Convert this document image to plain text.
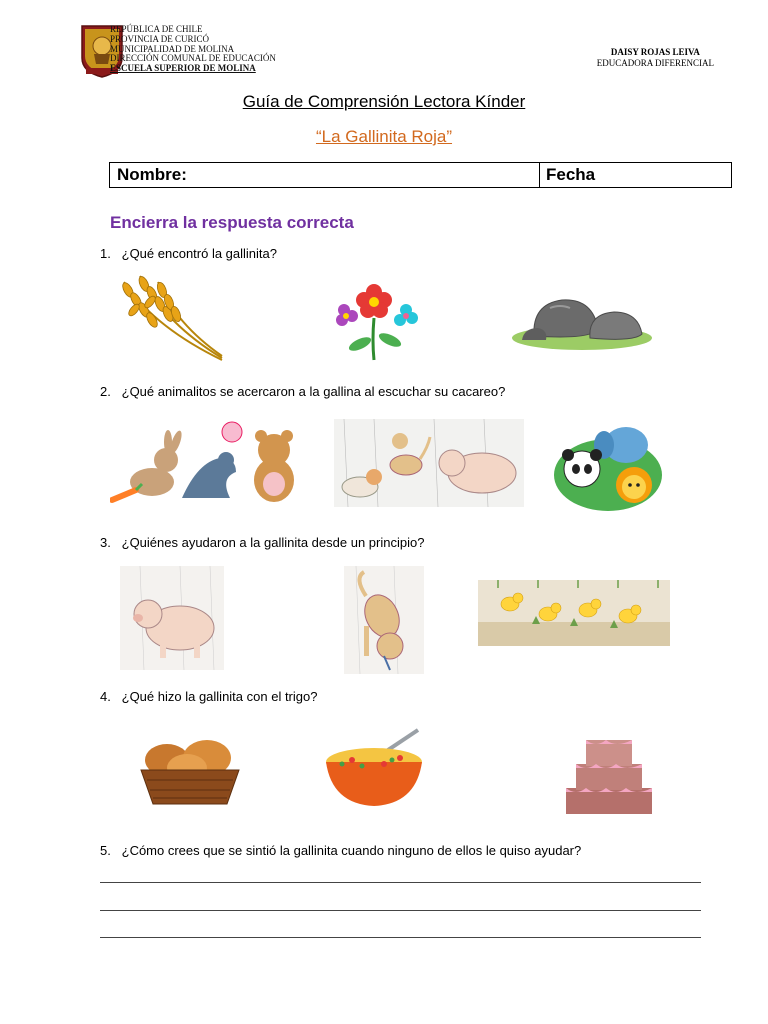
REPÚBLICA DE CHILE
PROVINCIA DE CURICÓ
MUNICIPALIDAD DE MOLINA
DIRECCIÓN COMUNAL DE EDUCACIÓN
ESCUELA SUPERIOR DE MOLINA
DAISY ROJAS LEIVA
EDUCADORA DIFERENCIAL
Guía de Comprensión Lectora Kínder
“La Gallinita Roja”
Nombre:	Fecha
Encierra la respuesta correcta
1. ¿Qué encontró la gallinita?
2. ¿Qué animalitos se acercaron a la gallina al escuchar su cacareo?
3. ¿Quiénes ayudaron a la gallinita desde un principio?
4. ¿Qué hizo la gallinita con el trigo?
5. ¿Cómo crees que se sintió la gallinita cuando ninguno de ellos le quiso ayudar?
